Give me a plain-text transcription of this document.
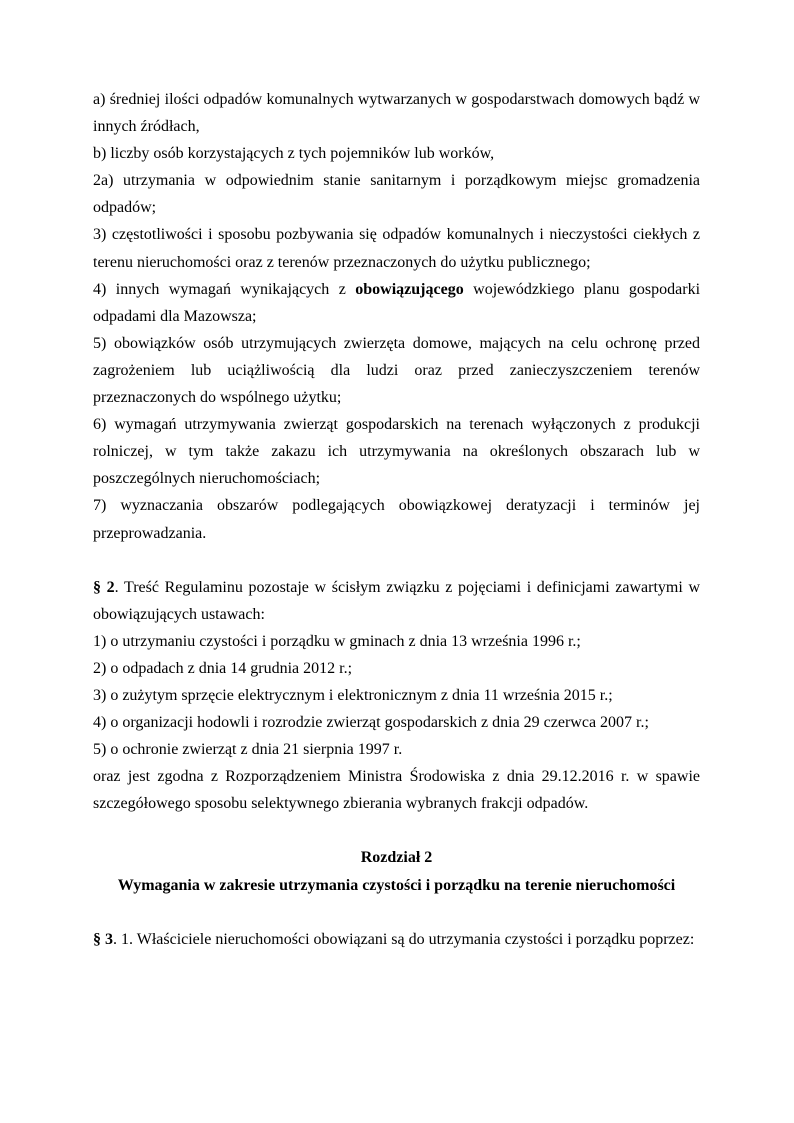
a) średniej ilości odpadów komunalnych wytwarzanych w gospodarstwach domowych bądź w innych źródłach,

b) liczby osób korzystających z tych pojemników lub worków,

2a) utrzymania w odpowiednim stanie sanitarnym i porządkowym miejsc gromadzenia odpadów;

3) częstotliwości i sposobu pozbywania się odpadów komunalnych i nieczystości ciekłych z terenu nieruchomości oraz z terenów przeznaczonych do użytku publicznego;

4) innych wymagań wynikających z obowiązującego wojewódzkiego planu gospodarki odpadami dla Mazowsza;

5) obowiązków osób utrzymujących zwierzęta domowe, mających na celu ochronę przed zagrożeniem lub uciążliwością dla ludzi oraz przed zanieczyszczeniem terenów przeznaczonych do wspólnego użytku;

6) wymagań utrzymywania zwierząt gospodarskich na terenach wyłączonych z produkcji rolniczej, w tym także zakazu ich utrzymywania na określonych obszarach lub w poszczególnych nieruchomościach;

7) wyznaczania obszarów podlegających obowiązkowej deratyzacji i terminów jej przeprowadzania.

§ 2. Treść Regulaminu pozostaje w ścisłym związku z pojęciami i definicjami zawartymi w obowiązujących ustawach:

1) o utrzymaniu czystości i porządku w gminach z dnia 13 września 1996 r.;

2) o odpadach z dnia 14 grudnia 2012 r.;

3) o zużytym sprzęcie elektrycznym i elektronicznym z dnia 11 września 2015 r.;

4) o organizacji hodowli i rozrodzie zwierząt gospodarskich z dnia 29 czerwca 2007 r.;

5) o ochronie zwierząt z dnia 21 sierpnia 1997 r.

oraz jest zgodna z Rozporządzeniem Ministra Środowiska z dnia 29.12.2016 r. w spawie szczegółowego sposobu selektywnego zbierania wybranych frakcji odpadów.

Rozdział 2

Wymagania w zakresie utrzymania czystości i porządku na terenie nieruchomości

§ 3. 1. Właściciele nieruchomości obowiązani są do utrzymania czystości i porządku poprzez:
